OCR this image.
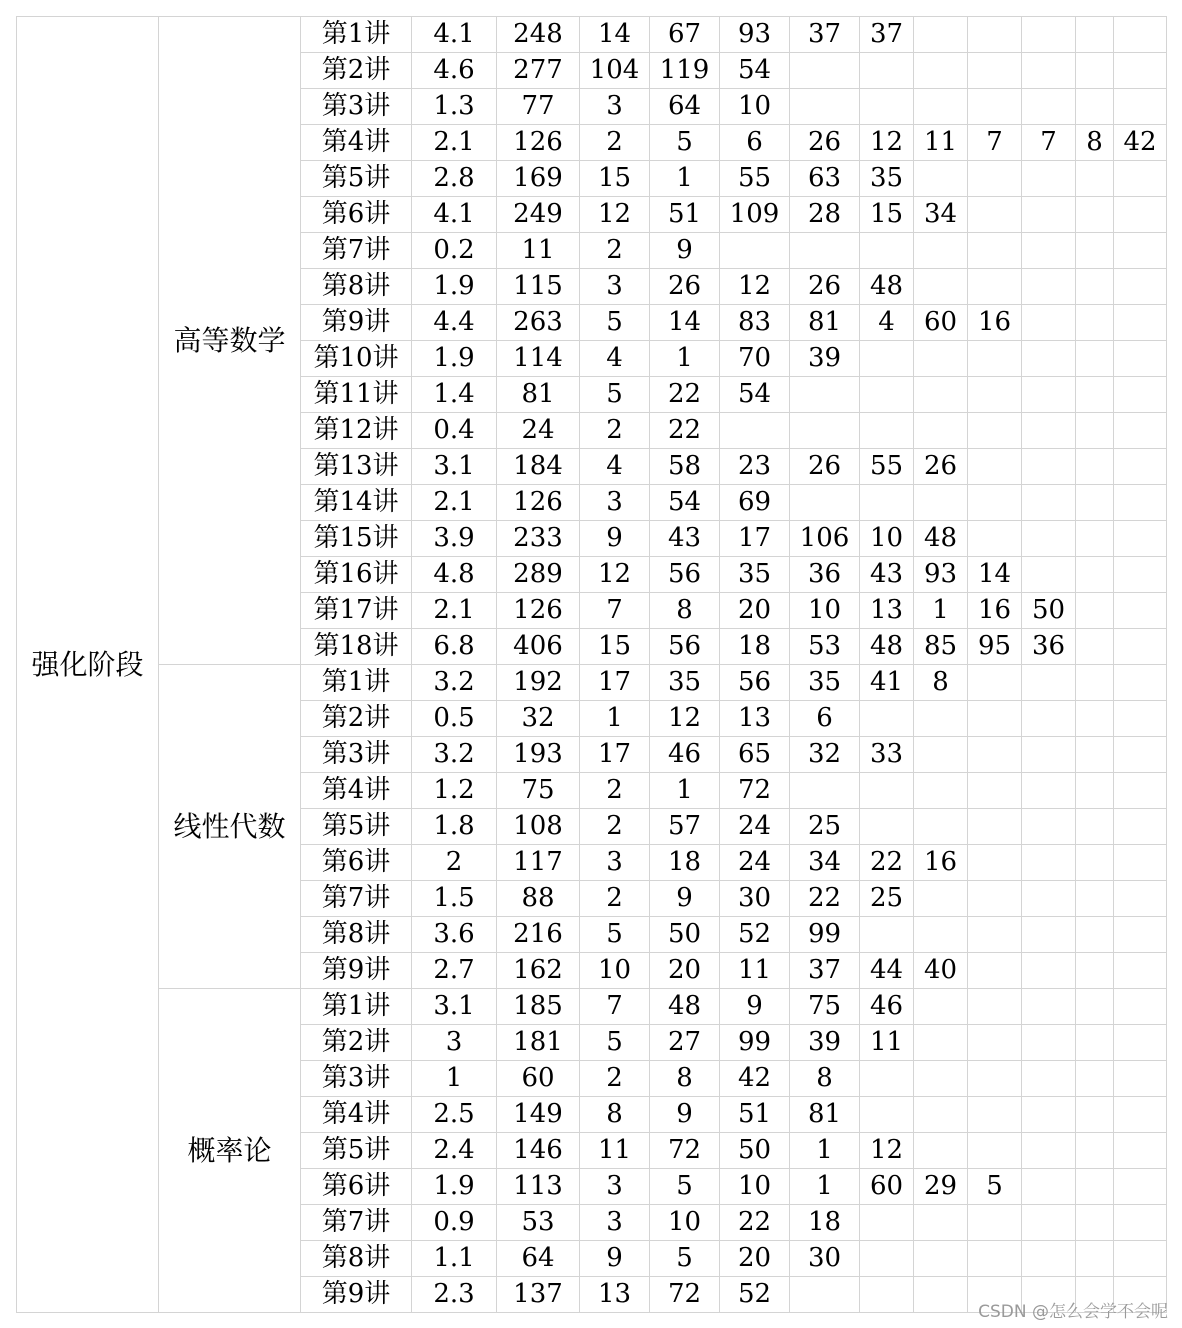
强化阶段	高等数学	第1讲	4.1	248	14	67	93	37	37					
		第2讲	4.6	277	104	119	54							
		第3讲	1.3	77	3	64	10							
		第4讲	2.1	126	2	5	6	26	12	11	7	7	8	42
		第5讲	2.8	169	15	1	55	63	35					
		第6讲	4.1	249	12	51	109	28	15	34				
		第7讲	0.2	11	2	9								
		第8讲	1.9	115	3	26	12	26	48					
		第9讲	4.4	263	5	14	83	81	4	60	16			
		第10讲	1.9	114	4	1	70	39						
		第11讲	1.4	81	5	22	54							
		第12讲	0.4	24	2	22								
		第13讲	3.1	184	4	58	23	26	55	26				
		第14讲	2.1	126	3	54	69							
		第15讲	3.9	233	9	43	17	106	10	48				
		第16讲	4.8	289	12	56	35	36	43	93	14			
		第17讲	2.1	126	7	8	20	10	13	1	16	50		
		第18讲	6.8	406	15	56	18	53	48	85	95	36		
	线性代数	第1讲	3.2	192	17	35	56	35	41	8				
		第2讲	0.5	32	1	12	13	6						
		第3讲	3.2	193	17	46	65	32	33					
		第4讲	1.2	75	2	1	72							
		第5讲	1.8	108	2	57	24	25						
		第6讲	2	117	3	18	24	34	22	16				
		第7讲	1.5	88	2	9	30	22	25					
		第8讲	3.6	216	5	50	52	99						
		第9讲	2.7	162	10	20	11	37	44	40				
	概率论	第1讲	3.1	185	7	48	9	75	46					
		第2讲	3	181	5	27	99	39	11					
		第3讲	1	60	2	8	42	8						
		第4讲	2.5	149	8	9	51	81						
		第5讲	2.4	146	11	72	50	1	12					
		第6讲	1.9	113	3	5	10	1	60	29	5			
		第7讲	0.9	53	3	10	22	18						
		第8讲	1.1	64	9	5	20	30						
		第9讲	2.3	137	13	72	52							
CSDN @怎么会学不会呢
